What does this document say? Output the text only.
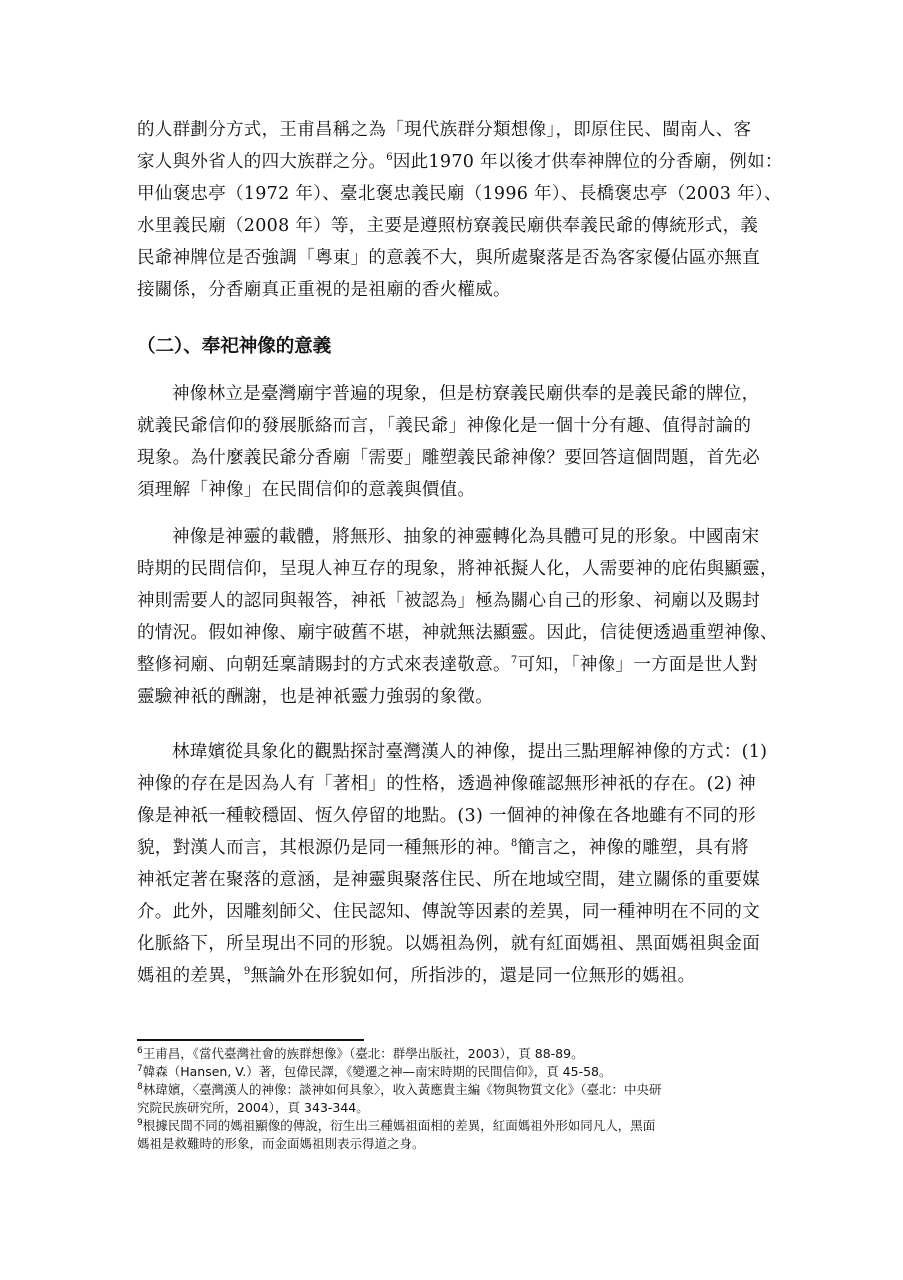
的人群劃分方式，王甫昌稱之為「現代族群分類想像」，即原住民、閩南人、客

家人與外省人的四大族群之分。$^6$因此1970 年以後才供奉神牌位的分香廟，例如：

甲仙褒忠亭（1972 年）、臺北褒忠義民廟（1996 年）、長橋褒忠亭（2003 年）、

水里義民廟（2008 年）等，主要是遵照枋寮義民廟供奉義民爺的傳統形式，義

民爺神牌位是否強調「粵東」的意義不大，與所處聚落是否為客家優佔區亦無直

接關係，分香廟真正重視的是祖廟的香火權威。

（二）、奉祀神像的意義

神像林立是臺灣廟宇普遍的現象，但是枋寮義民廟供奉的是義民爺的牌位，

就義民爺信仰的發展脈絡而言，「義民爺」神像化是一個十分有趣、值得討論的

現象。為什麼義民爺分香廟「需要」雕塑義民爺神像？要回答這個問題，首先必

須理解「神像」在民間信仰的意義與價值。

神像是神靈的載體，將無形、抽象的神靈轉化為具體可見的形象。中國南宋

時期的民間信仰，呈現人神互存的現象，將神祇擬人化，人需要神的庇佑與顯靈，

神則需要人的認同與報答，神祇「被認為」極為關心自己的形象、祠廟以及賜封

的情況。假如神像、廟宇破舊不堪，神就無法顯靈。因此，信徒便透過重塑神像、

整修祠廟、向朝廷稟請賜封的方式來表達敬意。$^7$可知，「神像」一方面是世人對

靈驗神祇的酬謝，也是神祇靈力強弱的象徵。

林瑋嬪從具象化的觀點探討臺灣漢人的神像，提出三點理解神像的方式：(1)

神像的存在是因為人有「著相」的性格，透過神像確認無形神祇的存在。(2) 神

像是神祇一種較穩固、恆久停留的地點。(3) 一個神的神像在各地雖有不同的形

貌，對漢人而言，其根源仍是同一種無形的神。$^8$簡言之，神像的雕塑，具有將

神祇定著在聚落的意涵，是神靈與聚落住民、所在地域空間，建立關係的重要媒

介。此外，因雕刻師父、住民認知、傳說等因素的差異，同一種神明在不同的文

化脈絡下，所呈現出不同的形貌。以媽祖為例，就有紅面媽祖、黑面媽祖與金面

媽祖的差異，$^9$無論外在形貌如何，所指涉的，還是同一位無形的媽祖。

$^6$王甫昌，《當代臺灣社會的族群想像》（臺北：群學出版社，2003），頁 88-89。
$^7$韓森（Hansen, V.）著，包偉民譯，《變遷之神—南宋時期的民間信仰》，頁 45-58。
$^8$林瑋嬪，〈臺灣漢人的神像：談神如何具象〉，收入黃應貴主編《物與物質文化》（臺北：中央研
究院民族研究所，2004），頁 343-344。
$^9$根據民間不同的媽祖顯像的傳說，衍生出三種媽祖面相的差異，紅面媽祖外形如同凡人，黑面
媽祖是救難時的形象，而金面媽祖則表示得道之身。
